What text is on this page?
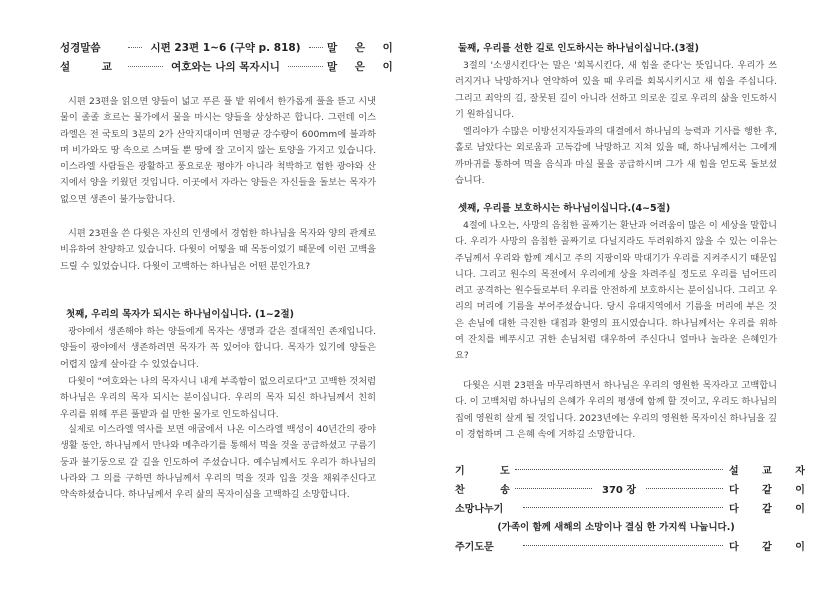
성경말씀	시편 23편 1~6 (구약 p. 818)	말 은 이
설 교	여호와는 나의 목자시니	말 은 이

시편 23편을 읽으면 양들이 넓고 푸른 풀 밭 위에서 한가롭게 풀을 뜯고 시냇물이 졸졸 흐르는 물가에서 물을 마시는 양들을 상상하곤 합니다. 그런데 이스라엘은 전 국토의 3분의 2가 산악지대이며 연평균 강수량이 600mm에 불과하며 비가와도 땅 속으로 스며들 뿐 땅에 잘 고이지 않는 토양을 가지고 있습니다. 이스라엘 사람들은 광활하고 풍요로운 평야가 아니라 척박하고 험한 광야와 산지에서 양을 키웠던 것입니다. 이곳에서 자라는 양들은 자신들을 돌보는 목자가 없으면 생존이 불가능합니다.

시편 23편을 쓴 다윗은 자신의 인생에서 경험한 하나님을 목자와 양의 관계로 비유하여 찬양하고 있습니다. 다윗이 어떻을 때 목동이었기 때문에 이런 고백을 드릴 수 있었습니다. 다윗이 고백하는 하나님은 어떤 분인가요?

첫째, 우리의 목자가 되시는 하나님이십니다. (1~2절)

광야에서 생존해야 하는 양들에게 목자는 생명과 같은 절대적인 존재입니다. 양들이 광야에서 생존하려면 목자가 꼭 있어야 합니다. 목자가 있기에 양들은 어렵지 않게 살아갈 수 있었습니다.

다윗이 "여호와는 나의 목자시니 내게 부족함이 없으리로다"고 고백한 것처럼 하나님은 우리의 목자 되시는 분이십니다. 우리의 목자 되신 하나님께서 친히 우리를 위해 푸른 풀밭과 쉴 만한 물가로 인도하십니다.

실제로 이스라엘 역사를 보면 애굽에서 나온 이스라엘 백성이 40년간의 광야 생활 동안, 하나님께서 만나와 메추라기를 통해서 먹을 것을 공급하셨고 구름기둥과 불기둥으로 갈 길을 인도하여 주셨습니다. 예수님께서도 우리가 하나님의 나라와 그 의를 구하면 하나님께서 우리의 먹을 것과 입을 것을 채워주신다고 약속하셨습니다. 하나님께서 우리 삶의 목자이심을 고백하길 소망합니다.

둘째, 우리를 선한 길로 인도하시는 하나님이십니다.(3절)

3절의 '소생시킨다'는 말은 '회복시킨다, 새 힘을 준다'는 뜻입니다. 우리가 쓰러지거나 낙망하거나 연약하여 있을 때 우리를 회복시키시고 새 힘을 주십니다. 그리고 죄악의 길, 잘못된 길이 아니라 선하고 의로운 길로 우리의 삶을 인도하시기 원하십니다.

엘리야가 수많은 이방선지자들과의 대결에서 하나님의 능력과 기사를 행한 후, 홀로 남았다는 외로움과 고독감에 낙망하고 지쳐 있을 때, 하나님께서는 그에게 까마귀를 통하여 먹을 음식과 마실 물을 공급하시며 그가 새 힘을 얻도록 돌보셨습니다.

셋째, 우리를 보호하시는 하나님이십니다.(4~5절)

4절에 나오는, 사망의 음침한 골짜기는 환난과 어려움이 많은 이 세상을 말합니다. 우리가 사망의 음침한 골짜기로 다닐지라도 두려워하지 않을 수 있는 이유는 주님께서 우리와 함께 계시고 주의 지팡이와 막대기가 우리를 지켜주시기 때문입니다. 그리고 원수의 목전에서 우리에게 상을 차려주실 정도로 우리를 넘어뜨리려고 공격하는 원수들로부터 우리를 안전하게 보호하시는 분이십니다. 그리고 우리의 머리에 기름을 부어주셨습니다. 당시 유대지역에서 기름을 머리에 부은 것은 손님에 대한 극진한 대접과 환영의 표시였습니다. 하나님께서는 우리를 위하여 잔치를 베푸시고 귀한 손님처럼 대우하여 주신다니 얼마나 놀라운 은혜인가요?

다윗은 시편 23편을 마무리하면서 하나님은 우리의 영원한 목자라고 고백합니다. 이 고백처럼 하나님의 은혜가 우리의 평생에 함께 할 것이고, 우리도 하나님의 집에 영원히 살게 될 것입니다. 2023년에는 우리의 영원한 목자이신 하나님을 깊이 경험하며 그 은혜 속에 거하길 소망합니다.

기 도	설 교 자
찬 송	370 장	다 같 이
소망나누기	다 같 이
(가족이 함께 새해의 소망이나 결심 한 가지씩 나눕니다.)
주기도문	다 같 이
